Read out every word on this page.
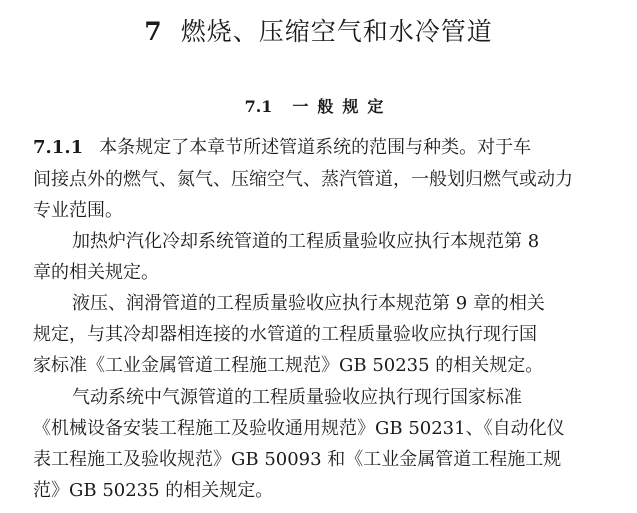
7 燃烧、压缩空气和水冷管道
7.1 一般规定
7.1.1 本条规定了本章节所述管道系统的范围与种类。对于车
间接点外的燃气、氮气、压缩空气、蒸汽管道，一般划归燃气或动力
专业范围。
加热炉汽化冷却系统管道的工程质量验收应执行本规范第 8
章的相关规定。
液压、润滑管道的工程质量验收应执行本规范第 9 章的相关
规定，与其冷却器相连接的水管道的工程质量验收应执行现行国
家标准《工业金属管道工程施工规范》GB 50235 的相关规定。
气动系统中气源管道的工程质量验收应执行现行国家标准
《机械设备安装工程施工及验收通用规范》GB 50231、《自动化仪
表工程施工及验收规范》GB 50093 和《工业金属管道工程施工规
范》GB 50235 的相关规定。
